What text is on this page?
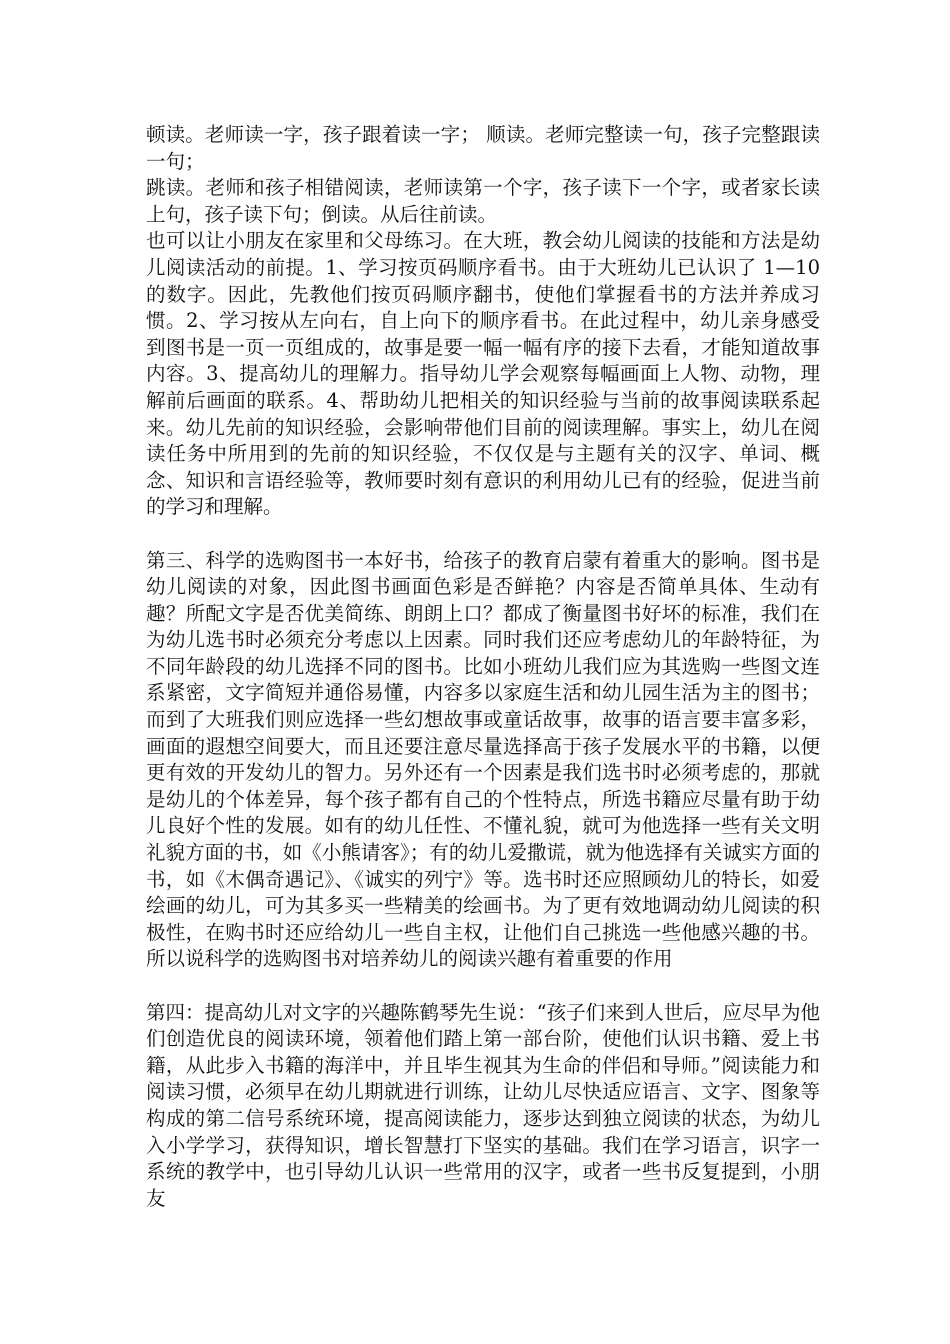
顿读。老师读一字，孩子跟着读一字； 顺读。老师完整读一句，孩子完整跟读一句；

跳读。老师和孩子相错阅读，老师读第一个字，孩子读下一个字，或者家长读上句，孩子读下句；倒读。从后往前读。

也可以让小朋友在家里和父母练习。在大班，教会幼儿阅读的技能和方法是幼儿阅读活动的前提。1、学习按页码顺序看书。由于大班幼儿已认识了 1—10 的数字。因此，先教他们按页码顺序翻书，使他们掌握看书的方法并养成习惯。2、学习按从左向右，自上向下的顺序看书。在此过程中，幼儿亲身感受到图书是一页一页组成的，故事是要一幅一幅有序的接下去看，才能知道故事内容。3、提高幼儿的理解力。指导幼儿学会观察每幅画面上人物、动物，理解前后画面的联系。4、帮助幼儿把相关的知识经验与当前的故事阅读联系起来。幼儿先前的知识经验，会影响带他们目前的阅读理解。事实上，幼儿在阅读任务中所用到的先前的知识经验，不仅仅是与主题有关的汉字、单词、概念、知识和言语经验等，教师要时刻有意识的利用幼儿已有的经验，促进当前的学习和理解。

第三、科学的选购图书一本好书，给孩子的教育启蒙有着重大的影响。图书是幼儿阅读的对象，因此图书画面色彩是否鲜艳？内容是否简单具体、生动有趣？所配文字是否优美简练、朗朗上口？都成了衡量图书好坏的标准，我们在为幼儿选书时必须充分考虑以上因素。同时我们还应考虑幼儿的年龄特征，为不同年龄段的幼儿选择不同的图书。比如小班幼儿我们应为其选购一些图文连系紧密，文字简短并通俗易懂，内容多以家庭生活和幼儿园生活为主的图书；而到了大班我们则应选择一些幻想故事或童话故事，故事的语言要丰富多彩，画面的遐想空间要大，而且还要注意尽量选择高于孩子发展水平的书籍，以便更有效的开发幼儿的智力。另外还有一个因素是我们选书时必须考虑的，那就是幼儿的个体差异，每个孩子都有自己的个性特点，所选书籍应尽量有助于幼儿良好个性的发展。如有的幼儿任性、不懂礼貌，就可为他选择一些有关文明礼貌方面的书，如《小熊请客》；有的幼儿爱撒谎，就为他选择有关诚实方面的书，如《木偶奇遇记》、《诚实的列宁》等。选书时还应照顾幼儿的特长，如爱绘画的幼儿，可为其多买一些精美的绘画书。为了更有效地调动幼儿阅读的积极性，在购书时还应给幼儿一些自主权，让他们自己挑选一些他感兴趣的书。所以说科学的选购图书对培养幼儿的阅读兴趣有着重要的作用

第四：提高幼儿对文字的兴趣陈鹤琴先生说：“孩子们来到人世后，应尽早为他们创造优良的阅读环境，领着他们踏上第一部台阶，使他们认识书籍、爱上书籍，从此步入书籍的海洋中，并且毕生视其为生命的伴侣和导师。”阅读能力和阅读习惯，必须早在幼儿期就进行训练，让幼儿尽快适应语言、文字、图象等构成的第二信号系统环境，提高阅读能力，逐步达到独立阅读的状态，为幼儿入小学学习，获得知识，增长智慧打下坚实的基础。我们在学习语言，识字一系统的教学中，也引导幼儿认识一些常用的汉字，或者一些书反复提到，小朋友
